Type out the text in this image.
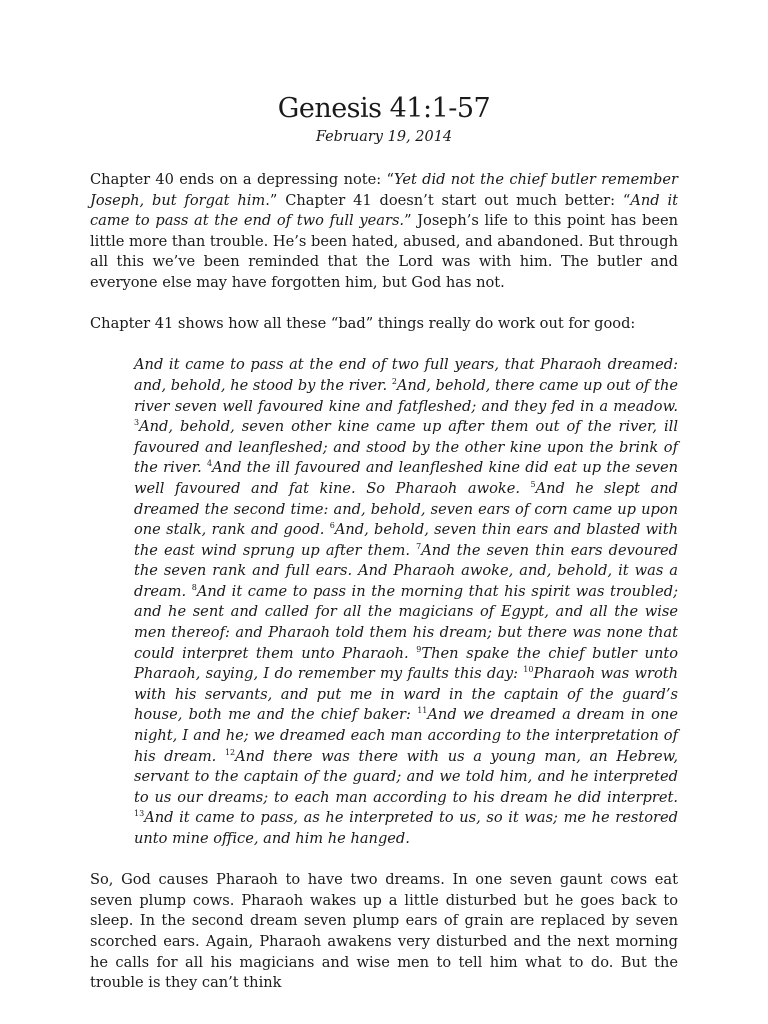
Genesis 41:1-57
February 19, 2014

Chapter 40 ends on a depressing note: “Yet did not the chief butler remember Joseph, but forgat him.” Chapter 41 doesn’t start out much better: “And it came to pass at the end of two full years.” Joseph’s life to this point has been little more than trouble. He’s been hated, abused, and abandoned. But through all this we’ve been reminded that the Lord was with him. The butler and everyone else may have forgotten him, but God has not.

Chapter 41 shows how all these “bad” things really do work out for good:

And it came to pass at the end of two full years, that Pharaoh dreamed: and, behold, he stood by the river. $^2$And, behold, there came up out of the river seven well favoured kine and fatfleshed; and they fed in a meadow. $^3$And, behold, seven other kine came up after them out of the river, ill favoured and leanfleshed; and stood by the other kine upon the brink of the river. $^4$And the ill favoured and leanfleshed kine did eat up the seven well favoured and fat kine. So Pharaoh awoke. $^5$And he slept and dreamed the second time: and, behold, seven ears of corn came up upon one stalk, rank and good. $^6$And, behold, seven thin ears and blasted with the east wind sprung up after them. $^7$And the seven thin ears devoured the seven rank and full ears. And Pharaoh awoke, and, behold, it was a dream. $^8$And it came to pass in the morning that his spirit was troubled; and he sent and called for all the magicians of Egypt, and all the wise men thereof: and Pharaoh told them his dream; but there was none that could interpret them unto Pharaoh. $^9$Then spake the chief butler unto Pharaoh, saying, I do remember my faults this day: $^{10}$Pharaoh was wroth with his servants, and put me in ward in the captain of the guard’s house, both me and the chief baker: $^{11}$And we dreamed a dream in one night, I and he; we dreamed each man according to the interpretation of his dream. $^{12}$And there was there with us a young man, an Hebrew, servant to the captain of the guard; and we told him, and he interpreted to us our dreams; to each man according to his dream he did interpret. $^{13}$And it came to pass, as he interpreted to us, so it was; me he restored unto mine office, and him he hanged.

So, God causes Pharaoh to have two dreams. In one seven gaunt cows eat seven plump cows. Pharaoh wakes up a little disturbed but he goes back to sleep. In the second dream seven plump ears of grain are replaced by seven scorched ears. Again, Pharaoh awakens very disturbed and the next morning he calls for all his magicians and wise men to tell him what to do. But the trouble is they can’t think
